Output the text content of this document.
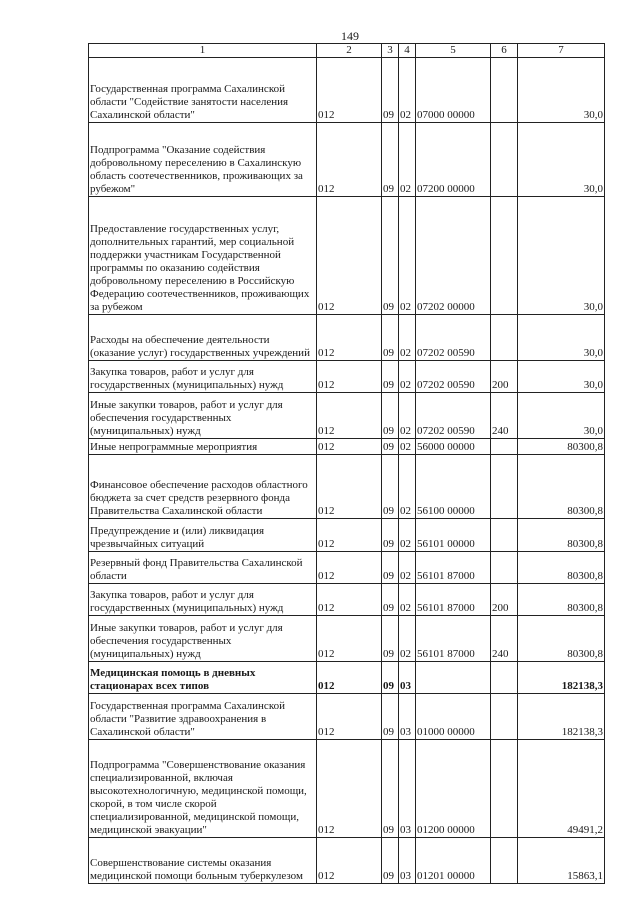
149
1	2	3	4	5	6	7
Государственная программа Сахалинской области "Содействие занятости населения Сахалинской области"	012	09	02	07000 00000		30,0
Подпрограмма "Оказание содействия добровольному переселению в Сахалинскую область соотечественников, проживающих за рубежом"	012	09	02	07200 00000		30,0
Предоставление государственных услуг, дополнительных гарантий, мер социальной поддержки участникам Государственной программы по оказанию содействия добровольному переселению в Российскую Федерацию соотечественников, проживающих за рубежом	012	09	02	07202 00000		30,0
Расходы на обеспечение деятельности (оказание услуг) государственных учреждений	012	09	02	07202 00590		30,0
Закупка товаров, работ и услуг для государственных (муниципальных) нужд	012	09	02	07202 00590	200	30,0
Иные закупки товаров, работ и услуг для обеспечения государственных (муниципальных) нужд	012	09	02	07202 00590	240	30,0
Иные непрограммные мероприятия	012	09	02	56000 00000		80300,8
Финансовое обеспечение расходов областного бюджета за счет средств резервного фонда Правительства Сахалинской области	012	09	02	56100 00000		80300,8
Предупреждение и (или) ликвидация чрезвычайных ситуаций	012	09	02	56101 00000		80300,8
Резервный фонд Правительства Сахалинской области	012	09	02	56101 87000		80300,8
Закупка товаров, работ и услуг для государственных (муниципальных) нужд	012	09	02	56101 87000	200	80300,8
Иные закупки товаров, работ и услуг для обеспечения государственных (муниципальных) нужд	012	09	02	56101 87000	240	80300,8
Медицинская помощь в дневных стационарах всех типов	012	09	03			182138,3
Государственная программа Сахалинской области "Развитие здравоохранения в Сахалинской области"	012	09	03	01000 00000		182138,3
Подпрограмма "Совершенствование оказания специализированной, включая высокотехнологичную, медицинской помощи, скорой, в том числе скорой специализированной, медицинской помощи, медицинской эвакуации"	012	09	03	01200 00000		49491,2
Совершенствование системы оказания медицинской помощи больным туберкулезом	012	09	03	01201 00000		15863,1
